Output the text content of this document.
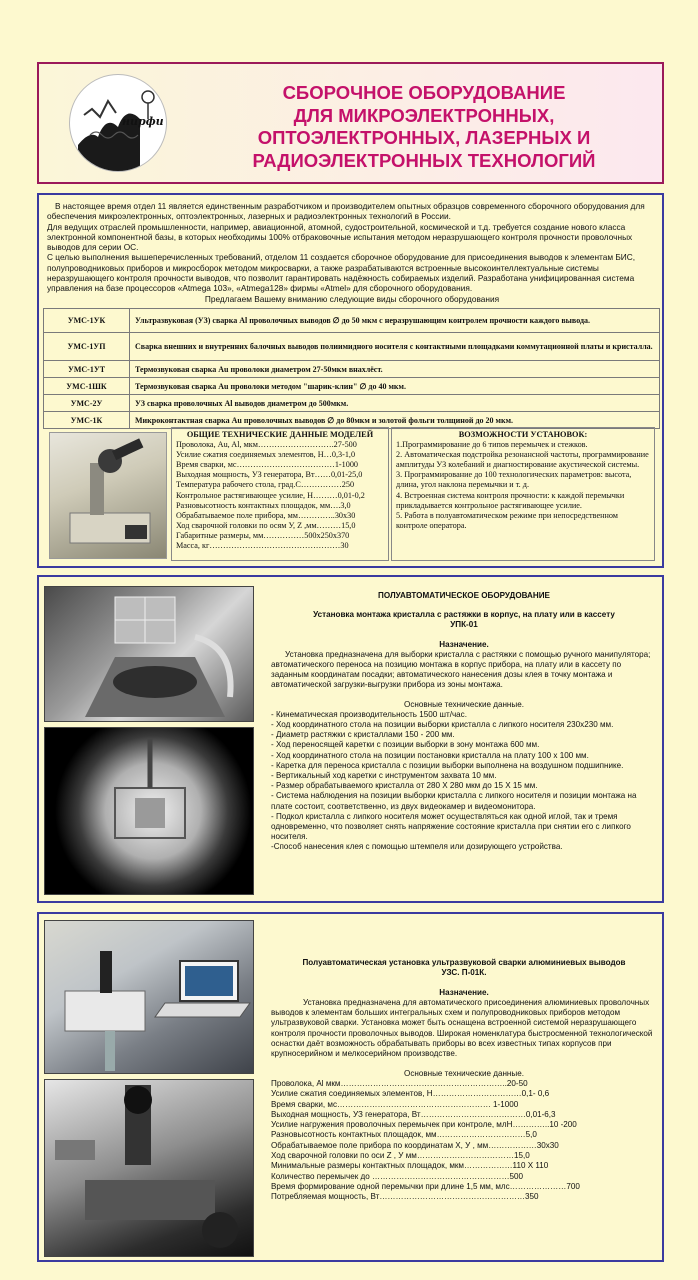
нирфи
СБОРОЧНОЕ ОБОРУДОВАНИЕ
ДЛЯ МИКРОЭЛЕКТРОННЫХ,
ОПТОЭЛЕКТРОННЫХ, ЛАЗЕРНЫХ И
РАДИОЭЛЕКТРОННЫХ ТЕХНОЛОГИЙ

В настоящее время отдел 11 является единственным разработчиком и производителем опытных образцов современного сборочного оборудования для обеспечения микроэлектронных, оптоэлектронных, лазерных и радиоэлектронных технологий в России.

Для ведущих отраслей промышленности, например, авиационной, атомной, судостроительной, космической и т.д. требуется создание нового класса электронной компонентной базы, в которых необходимы 100% отбраковочные испытания методом неразрушающего контроля прочности проволочных выводов для серии ОС.

С целью выполнения вышеперечисленных требований, отделом 11 создается сборочное оборудование для присоединения выводов к элементам БИС, полупроводниковых приборов и микросборок методом микросварки, а также разрабатываются встроенные высокоинтеллектуальные системы неразрушающего контроля прочности выводов, что позволит гарантировать надёжность собираемых изделий. Разработана унифицированная система управления на базе процессоров «Atmega 103», «Atmega128» фирмы «Atmel» для сборочного оборудования.

Предлагаем Вашему вниманию следующие виды сборочного оборудования

УМС-1УК	Ультразвуковая (УЗ) сварка Al проволочных выводов ∅ до 50 мкм с неразрушающим контролем прочности каждого вывода.
УМС-1УП	Сварка внешних и внутренних балочных выводов полиимидного носителя с контактными площадками коммутационной платы и кристалла.
УМС-1УТ	Термозвуковая сварка Au проволоки диаметром 27-50мкм внахлёст.
УМС-1ШК	Термозвуковая сварка Au проволоки методом "шарик-клин" ∅ до 40 мкм.
УМС-2У	УЗ сварка проволочных Al выводов диаметром до 500мкм.
УМС-1К	Микроконтактная сварка Au проволочных выводов ∅ до 80мкм и золотой фольги толщиной до 20 мкм.
ОБЩИЕ ТЕХНИЧЕСКИЕ ДАННЫЕ МОДЕЛЕЙ
Проволока, Au, Al, мкм……………………….27-500
Усилие сжатия соединяемых элементов, Н…0,3-1,0
Время сварки, мс………………………………1-1000
Выходная мощность, УЗ генератора, Вт……0,01-25,0
Температура рабочего стола, град.С……………250
Контрольное растягивающее усилие, Н………0,01-0,2
Разновысотность контактных площадок, мм….3,0
Обрабатываемое поле прибора, мм…………..30х30
Ход сварочной головки по осям У, Z ,мм………15,0
Габаритные размеры, мм……………500х250х370
Масса, кг…………………………………………30
ВОЗМОЖНОСТИ УСТАНОВОК:
1.Программирование до 6 типов перемычек и стежков.
2. Автоматическая подстройка резонансной частоты, программирование амплитуды УЗ колебаний и диагностирование акустической системы.
3. Программирование до 100 технологических параметров: высота, длина, угол наклона перемычки и т. д.
4. Встроенная система контроля прочности: к каждой перемычки прикладывается контрольное растягивающее усилие.
5. Работа в полуавтоматическом режиме при непосредственном контроле оператора.
ПОЛУАВТОМАТИЧЕСКОЕ ОБОРУДОВАНИЕ
Установка монтажа кристалла с растяжки в корпус, на плату или в кассету
УПК-01
Назначение.
Установка предназначена для выборки кристалла с растяжки с помощью ручного манипулятора; автоматического переноса на позицию монтажа в корпус прибора, на плату или в кассету по заданным координатам посадки; автоматического нанесения дозы клея в точку монтажа и автоматической загрузки-выгрузки прибора из зоны монтажа.
Основные технические данные.
- Кинематическая производительность 1500 шт/час.
- Ход координатного стола на позиции выборки кристалла с липкого носителя 230х230 мм.
- Диаметр растяжки с кристаллами 150 - 200 мм.
- Ход переносящей каретки с позиции выборки в зону монтажа 600 мм.
- Ход координатного стола на позиции постановки кристалла на плату 100 х 100 мм.
- Каретка для переноса кристалла с позиции выборки выполнена на воздушном подшипнике.
- Вертикальный ход каретки с инструментом захвата 10 мм.
- Размер обрабатываемого кристалла от 280 Х 280 мкм до 15 Х 15 мм.
- Система наблюдения на позиции выборки кристалла с липкого носителя и позиции монтажа на плате состоит, соответственно, из двух видеокамер и видеомонитора.
- Подкол кристалла с липкого носителя может осуществляться как одной иглой, так и тремя одновременно, что позволяет снять напряжение состояние кристалла при снятии его с липкого носителя.
-Способ нанесения клея с помощью штемпеля или дозирующего устройства.
Полуавтоматическая установка ультразвуковой сварки алюминиевых выводов
УЗС. П-01К.
Назначение.
Установка предназначена для автоматического присоединения алюминиевых проволочных выводов к элементам больших интегральных схем и полупроводниковых приборов методом ультразвуковой сварки. Установка может быть оснащена встроенной системой неразрушающего контроля прочности проволочных выводов. Широкая номенклатура быстросменной технологической оснастки даёт возможность обрабатывать приборы во всех известных типах корпусов при крупносерийном и мелкосерийном производстве.
Основные технические данные.
Проволока, Al мкм……………………………………………………..20-50
Усилие сжатия соединяемых элементов, Н……………………………0,1- 0,6
Время сварки, мс………………………………………………… 1-1000
Выходная мощность, УЗ генератора, Вт…………………………………0,01-6,3
Усилие нагружения проволочных перемычек при контроле, млН…………..10 -200
Разновысотность контактных площадок, мм……………………………5,0
Обрабатываемое поле прибора по координатам Х, У , мм………………30х30
Ход сварочной головки по оси Z , У мм………………………………15,0
Минимальные размеры контактных площадок, мкм………………110 Х 110
Количество перемычек до ……………………………………………500
Время формирование одной перемычки при длине 1,5 мм, млс…………………700
Потребляемая мощность, Вт………………………………………………350
